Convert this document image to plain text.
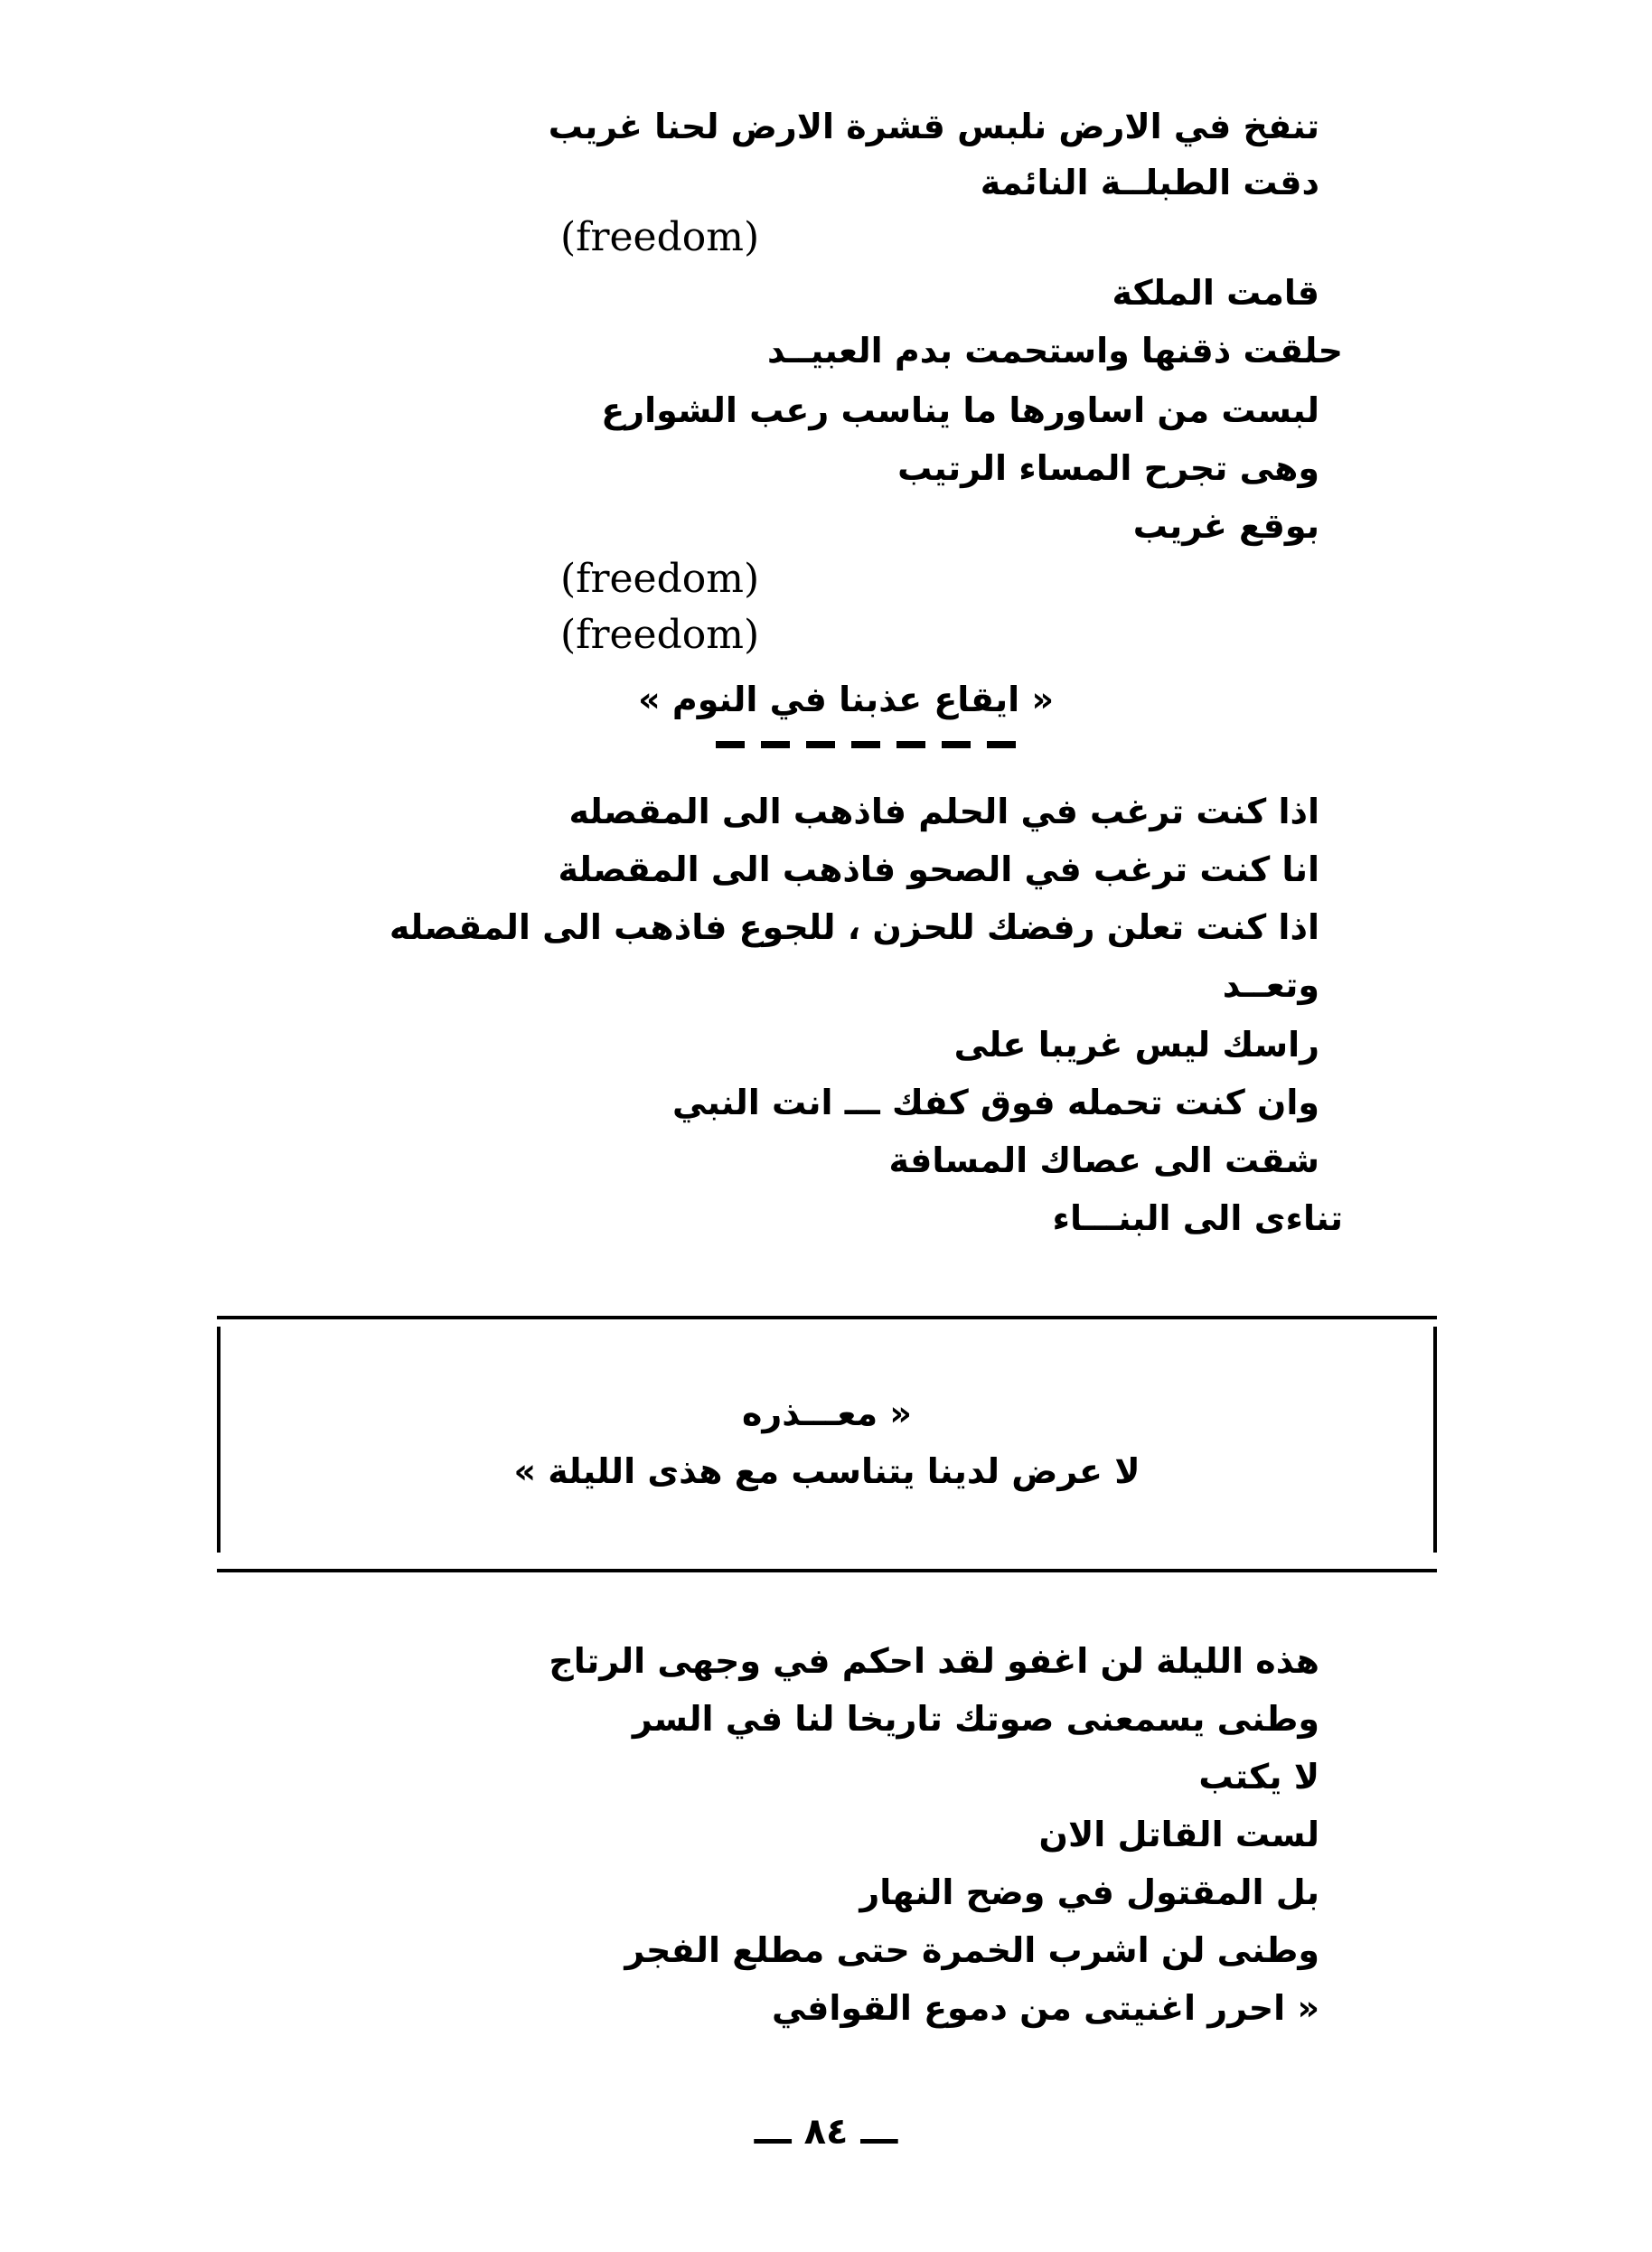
تنفخ في الارض نلبس قشرة الارض لحنا غريب
دقت الطبلــة النائمة
(freedom)
قامت الملكة
حلقت ذقنها واستحمت بدم العبيــد
لبست من اساورها ما يناسب رعب الشوارع
وهى تجرح المساء الرتيب
بوقع غريب
(freedom)
(freedom)
« ايقاع عذبنا في النوم »
اذا كنت ترغب في الحلم فاذهب الى المقصله
انا كنت ترغب في الصحو فاذهب الى المقصلة
اذا كنت تعلن رفضك للحزن ، للجوع فاذهب الى المقصله
وتعــد
راسك ليس غريبا على
وان كنت تحمله فوق كفك ـــ انت النبي
شقت الى عصاك المسافة
تناءى الى البنـــاء
« معـــذره
لا عرض لدينا يتناسب مع هذى الليلة »
هذه الليلة لن اغفو لقد احكم في وجهى الرتاج
وطنى يسمعنى صوتك تاريخا لنا في السر
لا يكتب
لست القاتل الان
بل المقتول في وضح النهار
وطنى لن اشرب الخمرة حتى مطلع الفجر
« احرر اغنيتى من دموع القوافي
ـــ ٨٤ ـــ
